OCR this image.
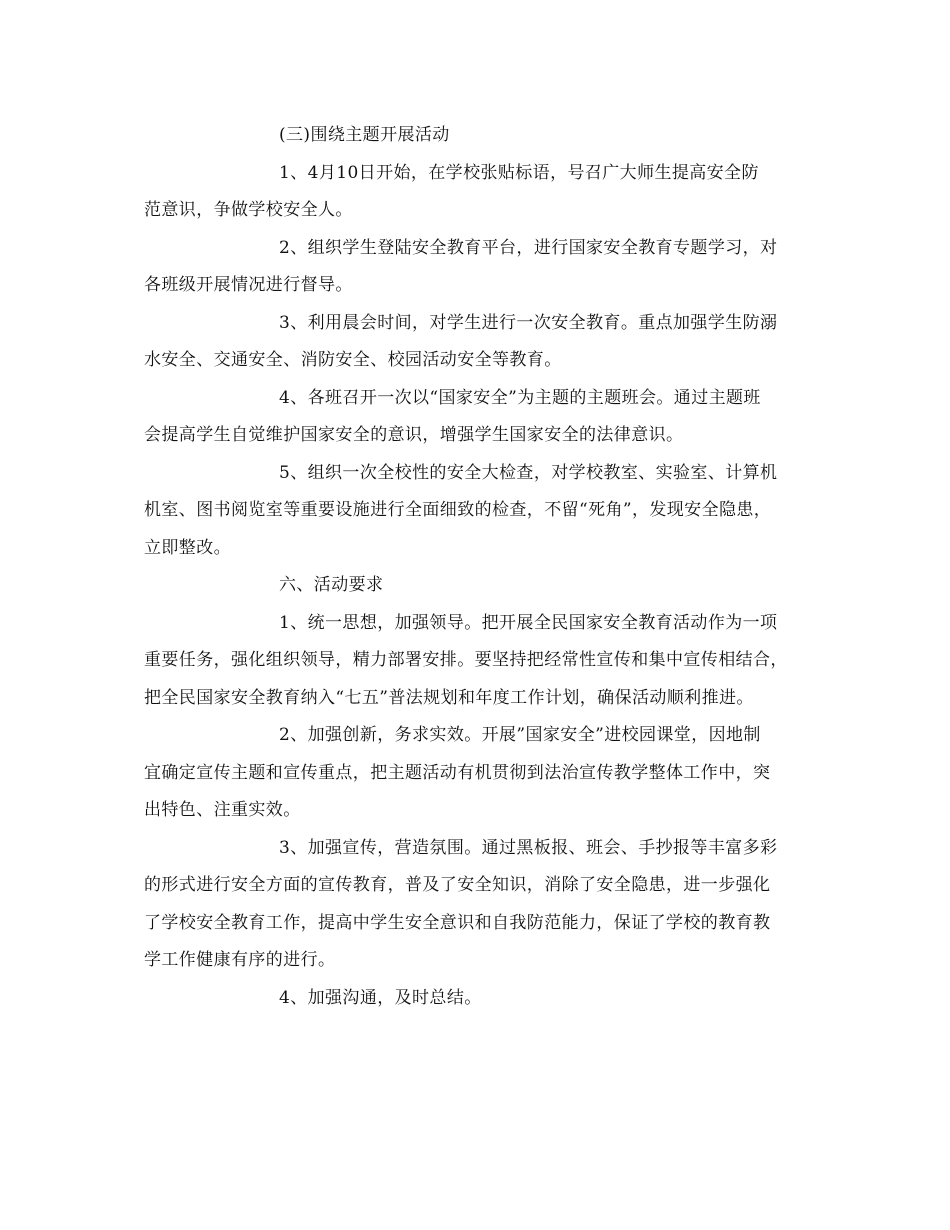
(三)围绕主题开展活动
1、4月10日开始，在学校张贴标语，号召广大师生提高安全防
范意识，争做学校安全人。
2、组织学生登陆安全教育平台，进行国家安全教育专题学习，对
各班级开展情况进行督导。
3、利用晨会时间，对学生进行一次安全教育。重点加强学生防溺
水安全、交通安全、消防安全、校园活动安全等教育。
4、各班召开一次以“国家安全”为主题的主题班会。通过主题班
会提高学生自觉维护国家安全的意识，增强学生国家安全的法律意识。
5、组织一次全校性的安全大检查，对学校教室、实验室、计算机
机室、图书阅览室等重要设施进行全面细致的检查，不留“死角”，发现安全隐患，
立即整改。
六、活动要求
1、统一思想，加强领导。把开展全民国家安全教育活动作为一项
重要任务，强化组织领导，精力部署安排。要坚持把经常性宣传和集中宣传相结合，
把全民国家安全教育纳入“七五”普法规划和年度工作计划，确保活动顺利推进。
2、加强创新，务求实效。开展”国家安全”进校园课堂，因地制
宜确定宣传主题和宣传重点，把主题活动有机贯彻到法治宣传教学整体工作中，突
出特色、注重实效。
3、加强宣传，营造氛围。通过黑板报、班会、手抄报等丰富多彩
的形式进行安全方面的宣传教育，普及了安全知识，消除了安全隐患，进一步强化
了学校安全教育工作，提高中学生安全意识和自我防范能力，保证了学校的教育教
学工作健康有序的进行。
4、加强沟通，及时总结。
